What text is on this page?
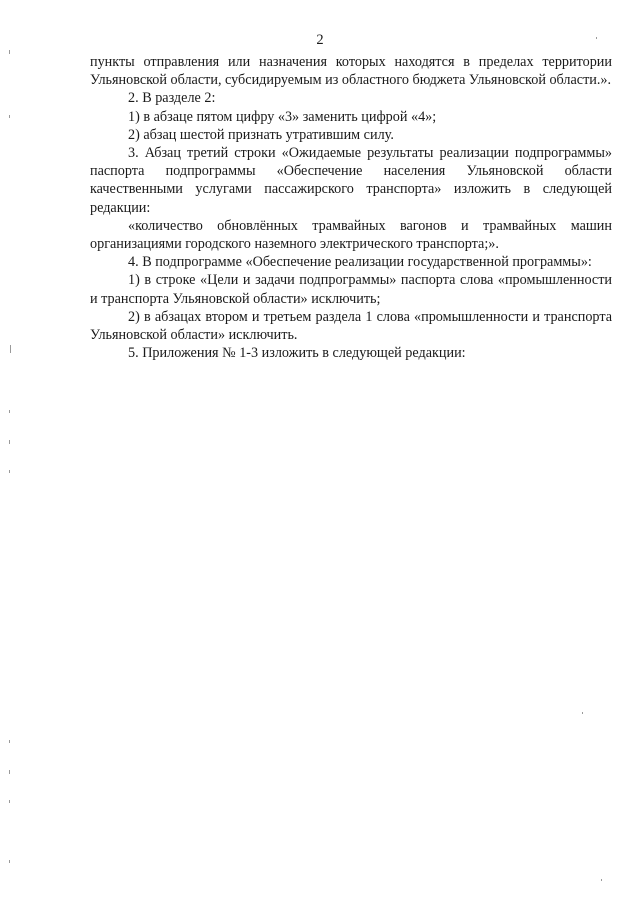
2

пункты отправления или назначения которых находятся в пределах территории Ульяновской области, субсидируемым из областного бюджета Ульяновской области.».

2. В разделе 2:

1) в абзаце пятом цифру «3» заменить цифрой «4»;

2) абзац шестой признать утратившим силу.

3. Абзац третий строки «Ожидаемые результаты реализации подпрограммы» паспорта подпрограммы «Обеспечение населения Ульяновской области качественными услугами пассажирского транспорта» изложить в следующей редакции:

«количество обновлённых трамвайных вагонов и трамвайных машин организациями городского наземного электрического транспорта;».

4. В подпрограмме «Обеспечение реализации государственной программы»:

1) в строке «Цели и задачи подпрограммы» паспорта слова «промышленности и транспорта Ульяновской области» исключить;

2) в абзацах втором и третьем раздела 1 слова «промышленности и транспорта Ульяновской области» исключить.

5. Приложения № 1-3 изложить в следующей редакции:
